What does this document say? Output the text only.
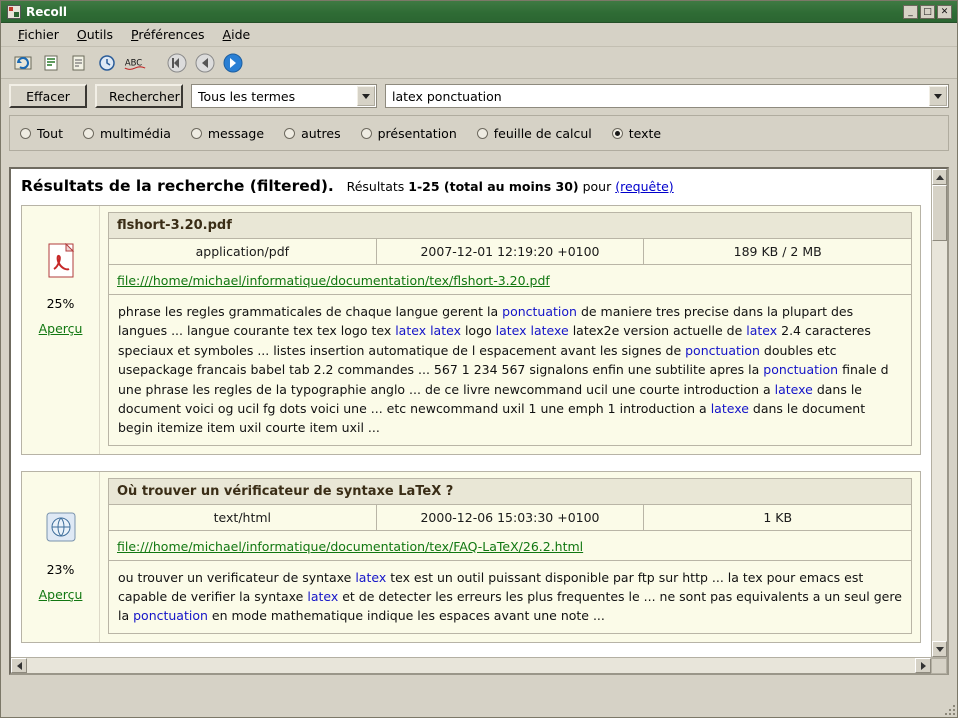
Recoll	_	□ ✕
Fichier	Outils	Préférences	Aide
ABC
Effacer	Rechercher	Tous les termes	latex ponctuation
Tout	multimédia	message	autres	présentation	feuille de calcul	texte
Résultats de la recherche (filtered). Résultats 1-25 (total au moins 30) pour (requête)
25%
Aperçu
flshort-3.20.pdf
application/pdf	2007-12-01 12:19:20 +0100	189 KB / 2 MB
file:///home/michael/informatique/documentation/tex/flshort-3.20.pdf
phrase les regles grammaticales de chaque langue gerent la ponctuation de maniere tres precise dans la plupart des langues ... langue courante tex tex logo tex latex latex logo latex latexe latex2e version actuelle de latex 2.4 caracteres speciaux et symboles ... listes insertion automatique de l espacement avant les signes de ponctuation doubles etc usepackage francais babel tab 2.2 commandes ... 567 1 234 567 signalons enfin une subtilite apres la ponctuation finale d une phrase les regles de la typographie anglo ... de ce livre newcommand ucil une courte introduction a latexe dans le document voici og ucil fg dots voici une ... etc newcommand uxil 1 une emph 1 introduction a latexe dans le document begin itemize item uxil courte item uxil ...
23%
Aperçu
Où trouver un vérificateur de syntaxe LaTeX ?
text/html	2000-12-06 15:03:30 +0100	1 KB
file:///home/michael/informatique/documentation/tex/FAQ-LaTeX/26.2.html
ou trouver un verificateur de syntaxe latex tex est un outil puissant disponible par ftp sur http ... la tex pour emacs est capable de verifier la syntaxe latex et de detecter les erreurs les plus frequentes le ... ne sont pas equivalents a un seul gere la ponctuation en mode mathematique indique les espaces avant une note ...
